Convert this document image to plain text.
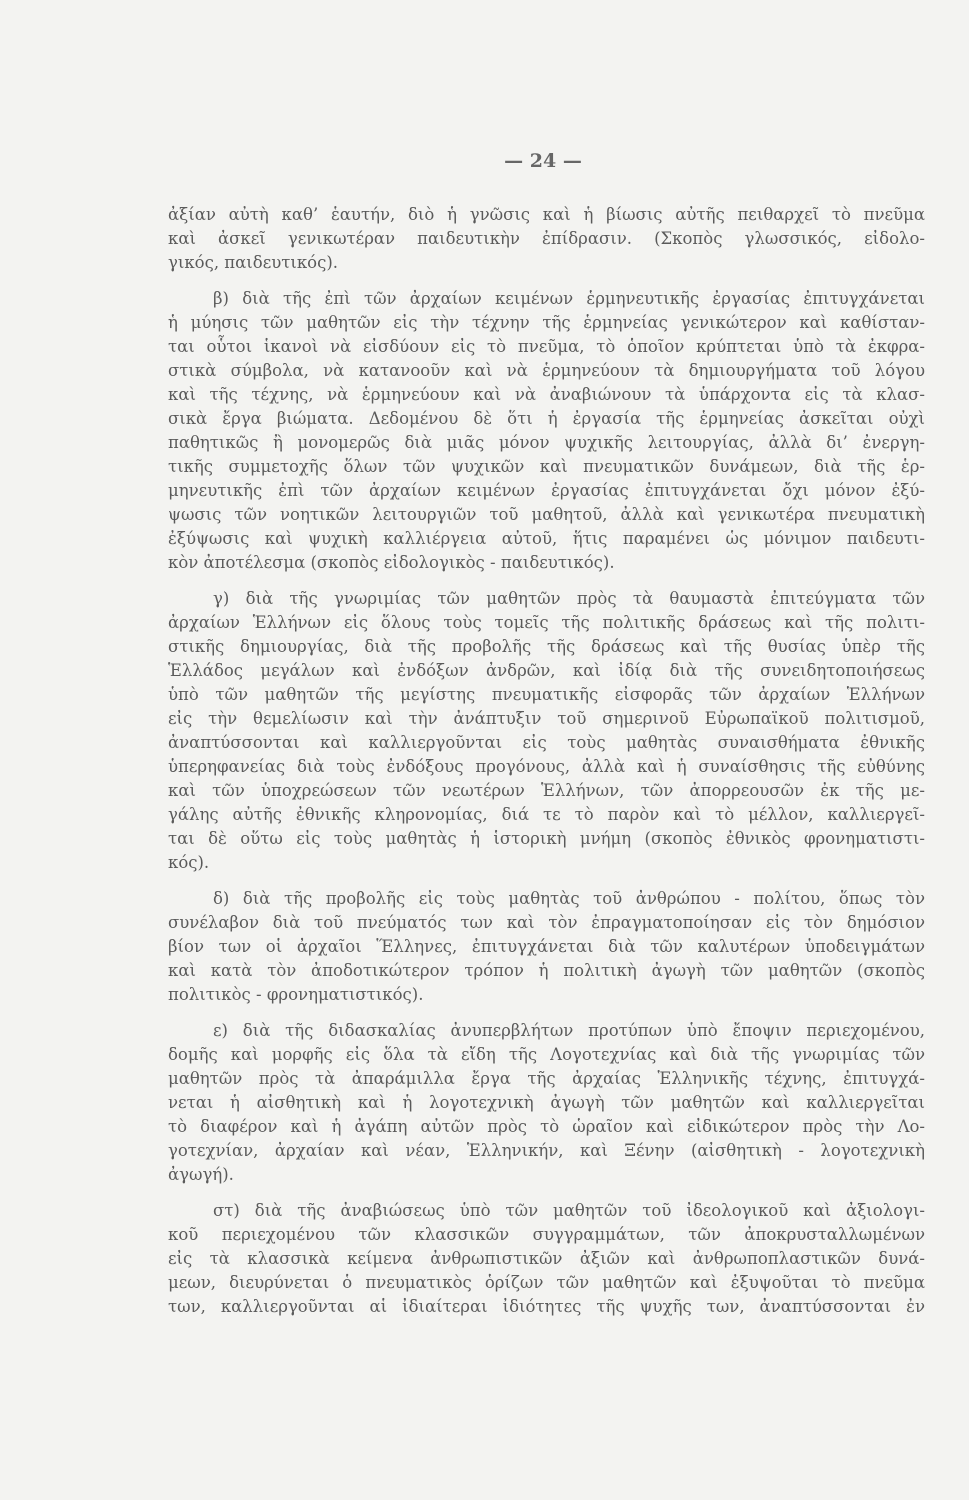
— 24 —
ἀξίαν αὐτὴ καθ’ ἑαυτήν, διὸ ἡ γνῶσις καὶ ἡ βίωσις αὐτῆς πειθαρχεῖ τὸ πνεῦμα
καὶ ἀσκεῖ γενικωτέραν παιδευτικὴν ἐπίδρασιν. (Σκοπὸς γλωσσικός, εἰδολο-
γικός, παιδευτικός).
β) διὰ τῆς ἐπὶ τῶν ἀρχαίων κειμένων ἑρμηνευτικῆς ἐργασίας ἐπιτυγχάνεται
ἡ μύησις τῶν μαθητῶν εἰς τὴν τέχνην τῆς ἑρμηνείας γενικώτερον καὶ καθίσταν-
ται οὗτοι ἱκανοὶ νὰ εἰσδύουν εἰς τὸ πνεῦμα, τὸ ὁποῖον κρύπτεται ὑπὸ τὰ ἐκφρα-
στικὰ σύμβολα, νὰ κατανοοῦν καὶ νὰ ἑρμηνεύουν τὰ δημιουργήματα τοῦ λόγου
καὶ τῆς τέχνης, νὰ ἑρμηνεύουν καὶ νὰ ἀναβιώνουν τὰ ὑπάρχοντα εἰς τὰ κλασ-
σικὰ ἔργα βιώματα. Δεδομένου δὲ ὅτι ἡ ἐργασία τῆς ἑρμηνείας ἀσκεῖται οὐχὶ
παθητικῶς ἢ μονομερῶς διὰ μιᾶς μόνον ψυχικῆς λειτουργίας, ἀλλὰ δι’ ἐνεργη-
τικῆς συμμετοχῆς ὅλων τῶν ψυχικῶν καὶ πνευματικῶν δυνάμεων, διὰ τῆς ἑρ-
μηνευτικῆς ἐπὶ τῶν ἀρχαίων κειμένων ἐργασίας ἐπιτυγχάνεται ὄχι μόνον ἐξύ-
ψωσις τῶν νοητικῶν λειτουργιῶν τοῦ μαθητοῦ, ἀλλὰ καὶ γενικωτέρα πνευματικὴ
ἐξύψωσις καὶ ψυχικὴ καλλιέργεια αὐτοῦ, ἥτις παραμένει ὡς μόνιμον παιδευτι-
κὸν ἀποτέλεσμα (σκοπὸς εἰδολογικὸς - παιδευτικός).
γ) διὰ τῆς γνωριμίας τῶν μαθητῶν πρὸς τὰ θαυμαστὰ ἐπιτεύγματα τῶν
ἀρχαίων Ἑλλήνων εἰς ὅλους τοὺς τομεῖς τῆς πολιτικῆς δράσεως καὶ τῆς πολιτι-
στικῆς δημιουργίας, διὰ τῆς προβολῆς τῆς δράσεως καὶ τῆς θυσίας ὑπὲρ τῆς
Ἑλλάδος μεγάλων καὶ ἐνδόξων ἀνδρῶν, καὶ ἰδίᾳ διὰ τῆς συνειδητοποιήσεως
ὑπὸ τῶν μαθητῶν τῆς μεγίστης πνευματικῆς εἰσφορᾶς τῶν ἀρχαίων Ἑλλήνων
εἰς τὴν θεμελίωσιν καὶ τὴν ἀνάπτυξιν τοῦ σημερινοῦ Εὐρωπαϊκοῦ πολιτισμοῦ,
ἀναπτύσσονται καὶ καλλιεργοῦνται εἰς τοὺς μαθητὰς συναισθήματα ἐθνικῆς
ὑπερηφανείας διὰ τοὺς ἐνδόξους προγόνους, ἀλλὰ καὶ ἡ συναίσθησις τῆς εὐθύνης
καὶ τῶν ὑποχρεώσεων τῶν νεωτέρων Ἑλλήνων, τῶν ἀπορρεουσῶν ἐκ τῆς με-
γάλης αὐτῆς ἐθνικῆς κληρονομίας, διά τε τὸ παρὸν καὶ τὸ μέλλον, καλλιεργεῖ-
ται δὲ οὕτω εἰς τοὺς μαθητὰς ἡ ἱστορικὴ μνήμη (σκοπὸς ἐθνικὸς φρονηματιστι-
κός).
δ) διὰ τῆς προβολῆς εἰς τοὺς μαθητὰς τοῦ ἀνθρώπου - πολίτου, ὅπως τὸν
συνέλαβον διὰ τοῦ πνεύματός των καὶ τὸν ἐπραγματοποίησαν εἰς τὸν δημόσιον
βίον των οἱ ἀρχαῖοι Ἕλληνες, ἐπιτυγχάνεται διὰ τῶν καλυτέρων ὑποδειγμάτων
καὶ κατὰ τὸν ἀποδοτικώτερον τρόπον ἡ πολιτικὴ ἀγωγὴ τῶν μαθητῶν (σκοπὸς
πολιτικὸς - φρονηματιστικός).
ε) διὰ τῆς διδασκαλίας ἀνυπερβλήτων προτύπων ὑπὸ ἔποψιν περιεχομένου,
δομῆς καὶ μορφῆς εἰς ὅλα τὰ εἴδη τῆς Λογοτεχνίας καὶ διὰ τῆς γνωριμίας τῶν
μαθητῶν πρὸς τὰ ἀπαράμιλλα ἔργα τῆς ἀρχαίας Ἑλληνικῆς τέχνης, ἐπιτυγχά-
νεται ἡ αἰσθητικὴ καὶ ἡ λογοτεχνικὴ ἀγωγὴ τῶν μαθητῶν καὶ καλλιεργεῖται
τὸ διαφέρον καὶ ἡ ἀγάπη αὐτῶν πρὸς τὸ ὡραῖον καὶ εἰδικώτερον πρὸς τὴν Λο-
γοτεχνίαν, ἀρχαίαν καὶ νέαν, Ἑλληνικήν, καὶ Ξένην (αἰσθητικὴ - λογοτεχνικὴ
ἀγωγή).
στ) διὰ τῆς ἀναβιώσεως ὑπὸ τῶν μαθητῶν τοῦ ἰδεολογικοῦ καὶ ἀξιολογι-
κοῦ περιεχομένου τῶν κλασσικῶν συγγραμμάτων, τῶν ἀποκρυσταλλωμένων
εἰς τὰ κλασσικὰ κείμενα ἀνθρωπιστικῶν ἀξιῶν καὶ ἀνθρωποπλαστικῶν δυνά-
μεων, διευρύνεται ὁ πνευματικὸς ὁρίζων τῶν μαθητῶν καὶ ἐξυψοῦται τὸ πνεῦμα
των, καλλιεργοῦνται αἱ ἰδιαίτεραι ἰδιότητες τῆς ψυχῆς των, ἀναπτύσσονται ἐν
